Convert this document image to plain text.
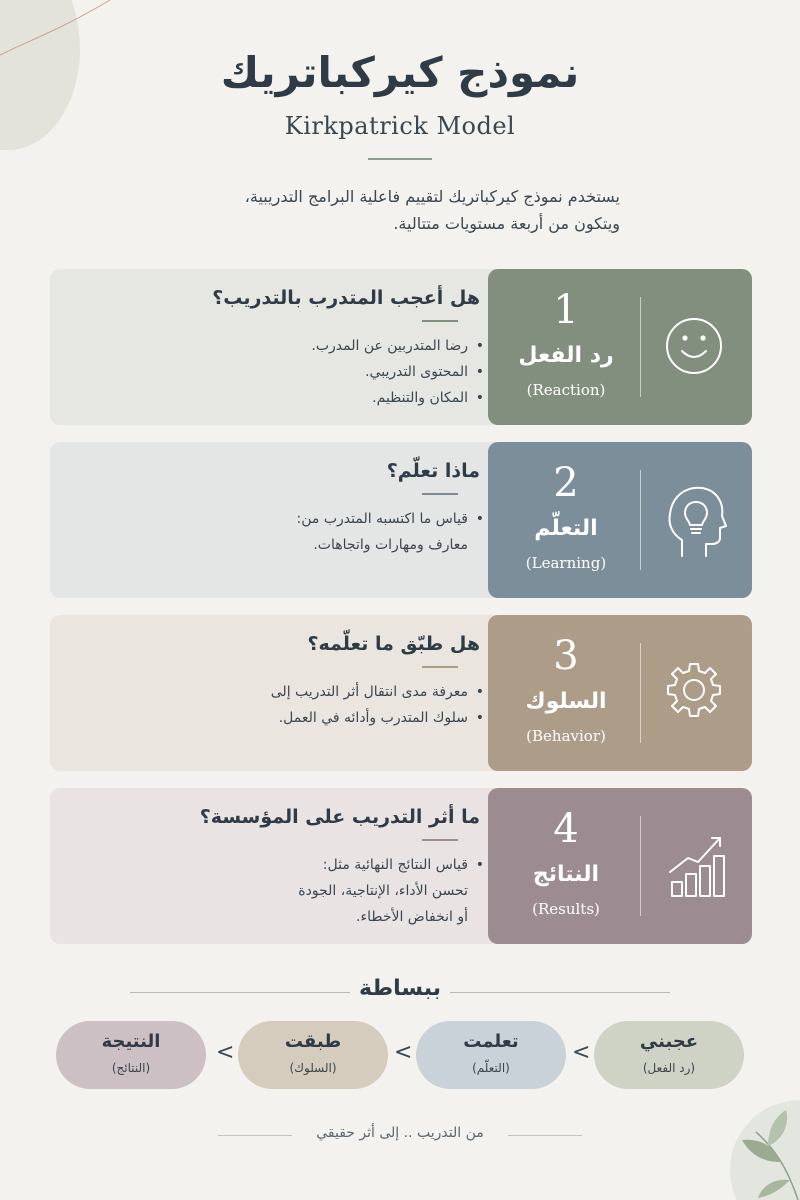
نموذج كيركباتريك
Kirkpatrick Model

يستخدم نموذج كيركباتريك لتقييم فاعلية البرامج التدريبية،

ويتكون من أربعة مستويات متتالية.

هل أعجب المتدرب بالتدريب؟
• رضا المتدربين عن المدرب.
• المحتوى التدريبي.
• المكان والتنظيم.
1
رد الفعل
(Reaction)
ماذا تعلّم؟
• قياس ما اكتسبه المتدرب من:
معارف ومهارات واتجاهات.
2
التعلّم
(Learning)
هل طبّق ما تعلّمه؟
• معرفة مدى انتقال أثر التدريب إلى
• سلوك المتدرب وأدائه في العمل.
3
السلوك
(Behavior)
ما أثر التدريب على المؤسسة؟
• قياس النتائج النهائية مثل:
تحسن الأداء، الإنتاجية، الجودة
أو انخفاض الأخطاء.
4
النتائج
(Results)
ببساطة
عجبني
(رد الفعل)
<
تعلمت
(التعلّم)
<
طبقت
(السلوك)
<
النتيجة
(النتائج)
من التدريب .. إلى أثر حقيقي
